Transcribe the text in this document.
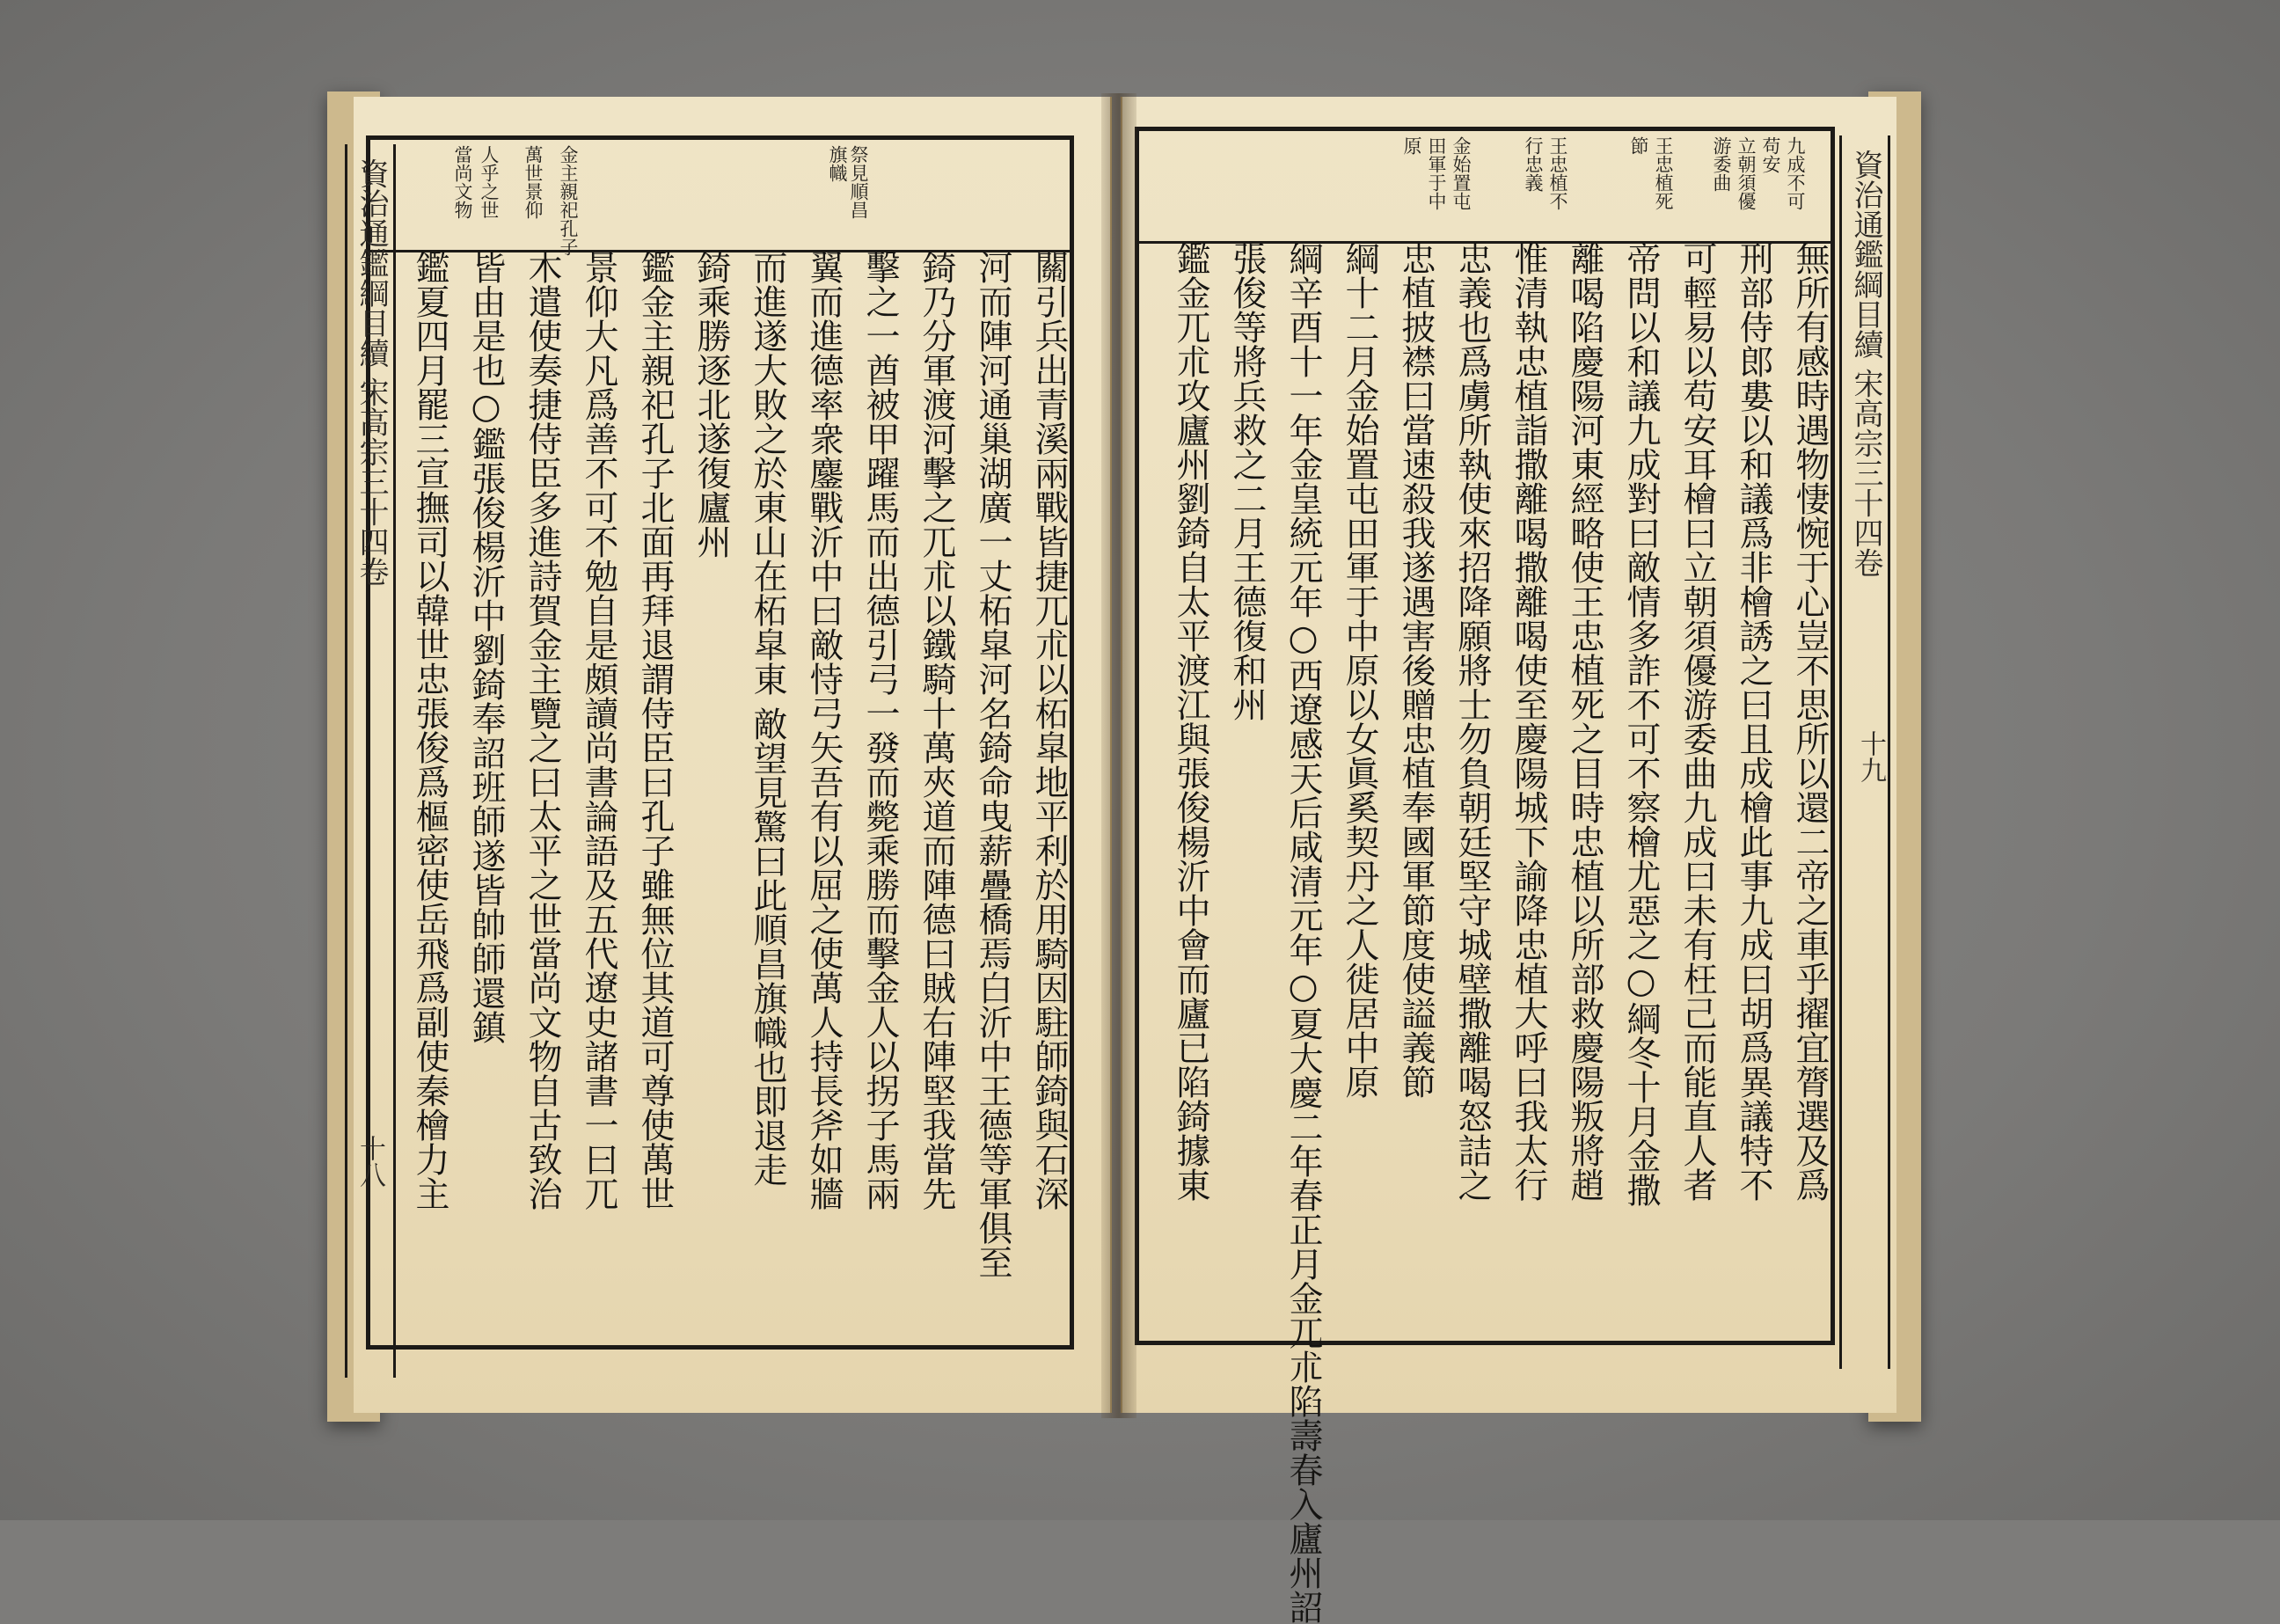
祭見順昌
旗幟
金主親祀孔子
萬世景仰
人乎之世
當尚文物
關引兵出青溪兩戰皆捷兀朮以柘皐地平利於用騎因駐師錡與石深
河而陣河通巢湖廣一丈柘皐河名錡命曳薪疊橋焉白沂中王德等軍俱至
錡乃分軍渡河擊之兀朮以鐵騎十萬夾道而陣德曰賊右陣堅我當先
擊之一酋被甲躍馬而出德引弓一發而斃乘勝而擊金人以拐子馬兩
翼而進德率衆鏖戰沂中曰敵恃弓矢吾有以屈之使萬人持長斧如牆
而進遂大敗之於東山在柘皐東 敵望見驚曰此順昌旗幟也即退走
錡乘勝逐北遂復廬州
鑑金主親祀孔子北面再拜退謂侍臣曰孔子雖無位其道可尊使萬世
景仰大凡爲善不可不勉自是頗讀尚書論語及五代遼史諸書一曰兀
木遣使奏捷侍臣多進詩賀金主覽之曰太平之世當尚文物自古致治
皆由是也○鑑張俊楊沂中劉錡奉詔班師遂皆帥師還鎮
鑑夏四月罷三宣撫司以韓世忠張俊爲樞密使岳飛爲副使秦檜力主
資治通鑑綱目續 宋高宗三十四卷
十八
九成不可
苟安
立朝須優
游委曲
王忠植死
節
王忠植不
行忠義
金始置屯
田軍于中
原
無所有感時遇物悽惋于心豈不思所以還二帝之車乎擢宜膂選及爲
刑部侍郎婁以和議爲非檜誘之曰且成檜此事九成曰胡爲異議特不
可輕易以苟安耳檜曰立朝須優游委曲九成曰未有枉己而能直人者
帝問以和議九成對曰敵情多詐不可不察檜尤惡之○綱冬十月金撒
離喝陷慶陽河東經略使王忠植死之目時忠植以所部救慶陽叛將趙
惟清執忠植詣撒離喝撒離喝使至慶陽城下諭降忠植大呼曰我太行
忠義也爲虜所執使來招降願將士勿負朝廷堅守城壁撒離喝怒詰之
忠植披襟曰當速殺我遂遇害後贈忠植奉國軍節度使謚義節
綱十二月金始置屯田軍于中原以女眞奚契丹之人徙居中原
綱辛酉十一年金皇統元年○西遼感天后咸清元年○夏大慶二年春正月金兀朮陷壽春入廬州詔
張俊等將兵救之二月王德復和州
鑑金兀朮攻廬州劉錡自太平渡江與張俊楊沂中會而廬已陷錡據東	資治通鑑綱目續 宋高宗三十四卷
十九
